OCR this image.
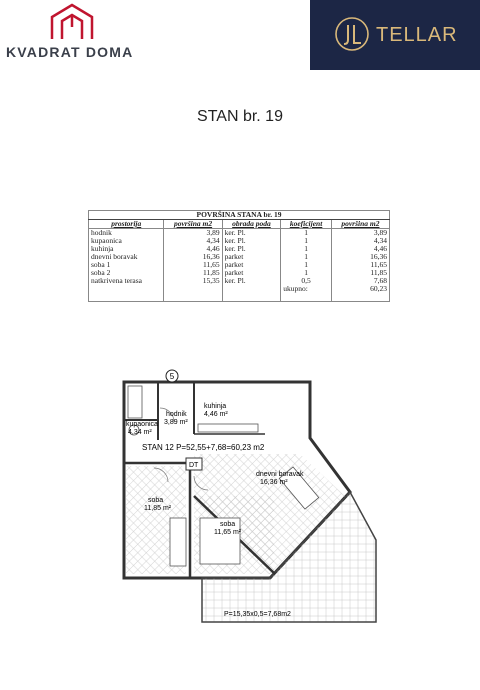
KVADRAT DOMA
TELLAR
STAN br. 19
POVRŠINA STANA br. 19				
prostorija	površina m2	obrada poda	koeficijent	površina m2
hodnik	3,89	ker. Pl.	1	3,89
kupaonica	4,34	ker. Pl.	1	4,34
kuhinja	4,46	ker. Pl.	1	4,46
dnevni boravak	16,36	parket	1	16,36
soba 1	11,65	parket	1	11,65
soba 2	11,85	parket	1	11,85
natkrivena terasa	15,35	ker. Pl.	0,5	7,68
			ukupno:	60,23

5
hodnik
3,89 m²
kuhinja
4,46 m²
kupaonica
4,34 m²
STAN 12 P=52,55+7,68=60,23 m2
DT
dnevni boravak
16,36 m²
soba
11,85 m²
soba
11,65 m²
P=15,35x0,5=7,68m2
